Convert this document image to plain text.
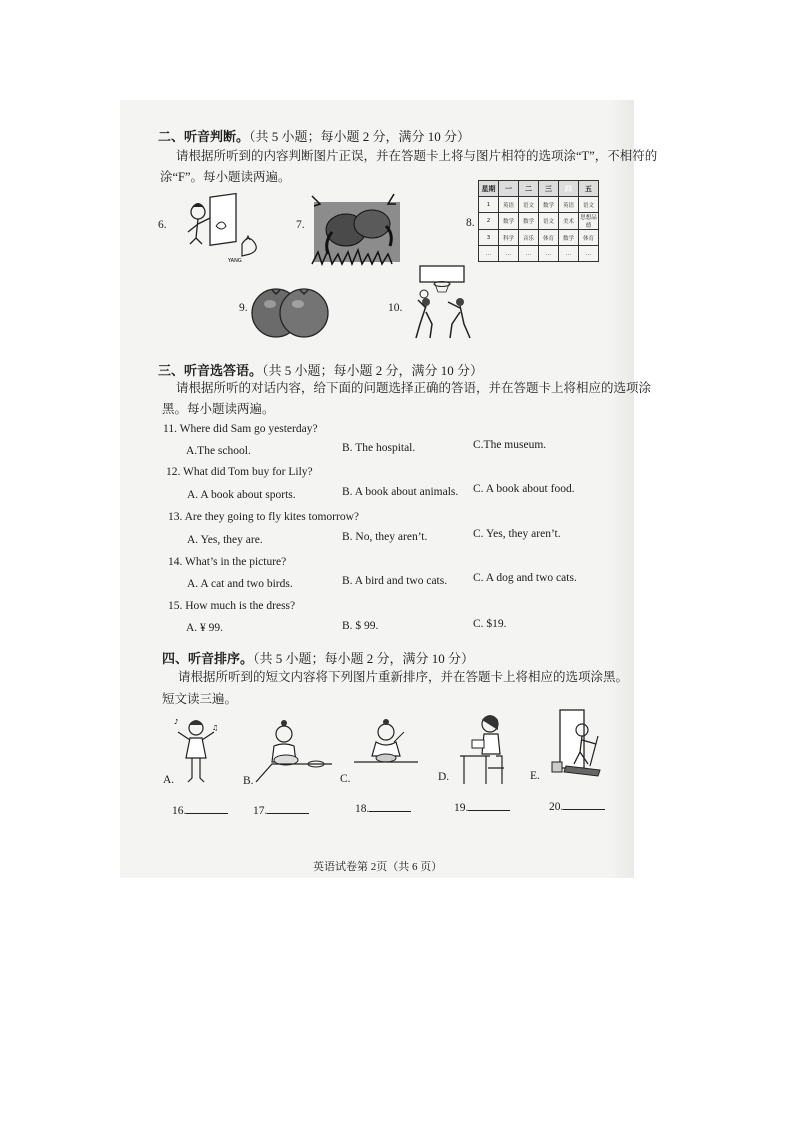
二、听音判断。（共 5 小题；每小题 2 分，满分 10 分）
请根据所听到的内容判断图片正误，并在答题卡上将与图片相符的选项涂“T”，不相符的
涂“F”。每小题读两遍。
6.
YANG
7.	8.
星期	一	二	三	四	五
1	英语	语文	数学	英语	语文
2	数学	数学	语文	美术	思想品德
3	科学	音乐	体育	数学	体育
…	…	…	…	…	…
9.	10.
三、听音选答语。（共 5 小题；每小题 2 分，满分 10 分）
请根据所听的对话内容，给下面的问题选择正确的答语，并在答题卡上将相应的选项涂
黑。每小题读两遍。
11. Where did Sam go yesterday?
A.The school.	B. The hospital.	C.The museum.
12. What did Tom buy for Lily?
A. A book about sports.	B. A book about animals. C. A book about food.
13. Are they going to fly kites tomorrow?
A. Yes, they are.	B. No, they aren’t.	C. Yes, they aren’t.
14. What’s in the picture?
A. A cat and two birds.	B. A bird and two cats. C. A dog and two cats.
15. How much is the dress?
A. ¥ 99.	B. $ 99.	C. $19.
四、听音排序。（共 5 小题；每小题 2 分，满分 10 分）
请根据所听到的短文内容将下列图片重新排序，并在答题卡上将相应的选项涂黑。
短文读三遍。
A.
♪
♫
B.	C.	D.	E.
16.	17.	18.	19.	20.
英语试卷第 2页（共 6 页）
